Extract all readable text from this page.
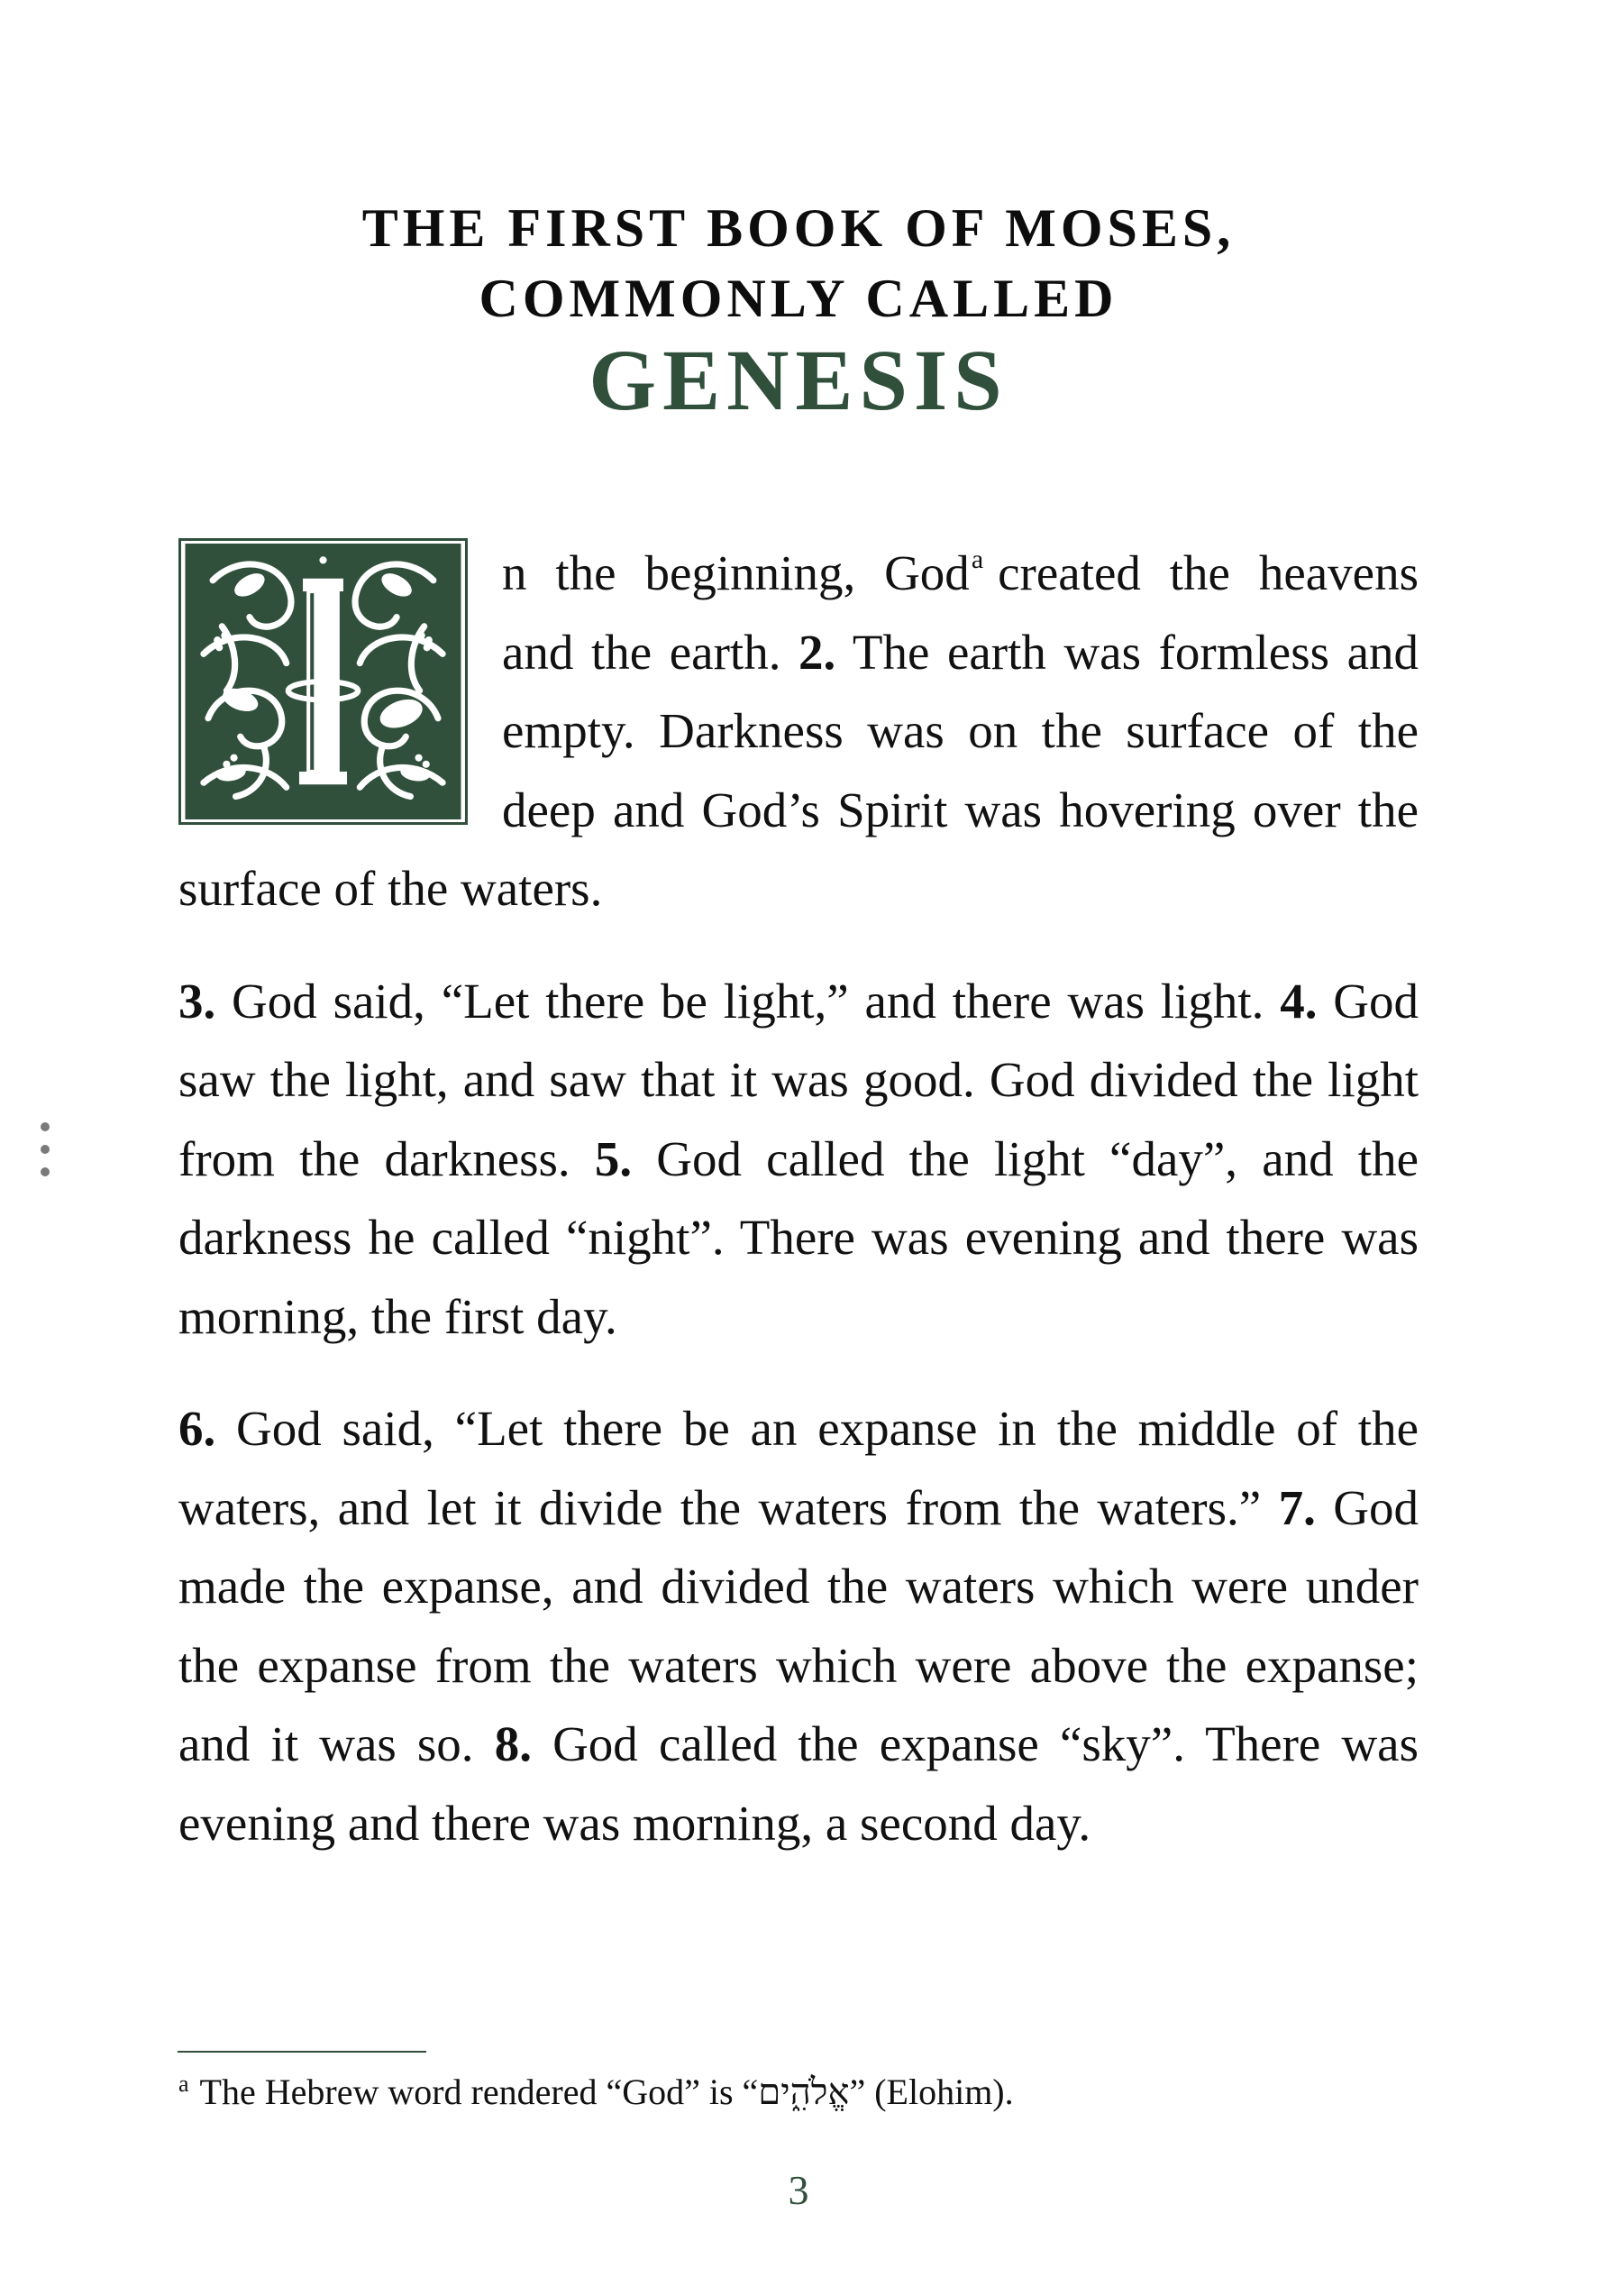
THE FIRST BOOK OF MOSES,
COMMONLY CALLED
GENESIS

n the beginning, God$^a$ created the heavens and the earth. 2. The earth was formless and empty. Darkness was on the surface of the deep and God’s Spirit was hovering over the surface of the waters.

3. God said, “Let there be light,” and there was light. 4. God saw the light, and saw that it was good. God divided the light from the darkness. 5. God called the light “day”, and the darkness he called “night”. There was evening and there was morning, the first day.

6. God said, “Let there be an expanse in the middle of the waters, and let it divide the waters from the waters.” 7. God made the expanse, and divided the waters which were under the expanse from the waters which were above the expanse; and it was so. 8. God called the expanse “sky”. There was evening and there was morning, a second day.

$^a$ The Hebrew word rendered “God” is “אֱלֹהִ֑ים” (Elohim).
3
